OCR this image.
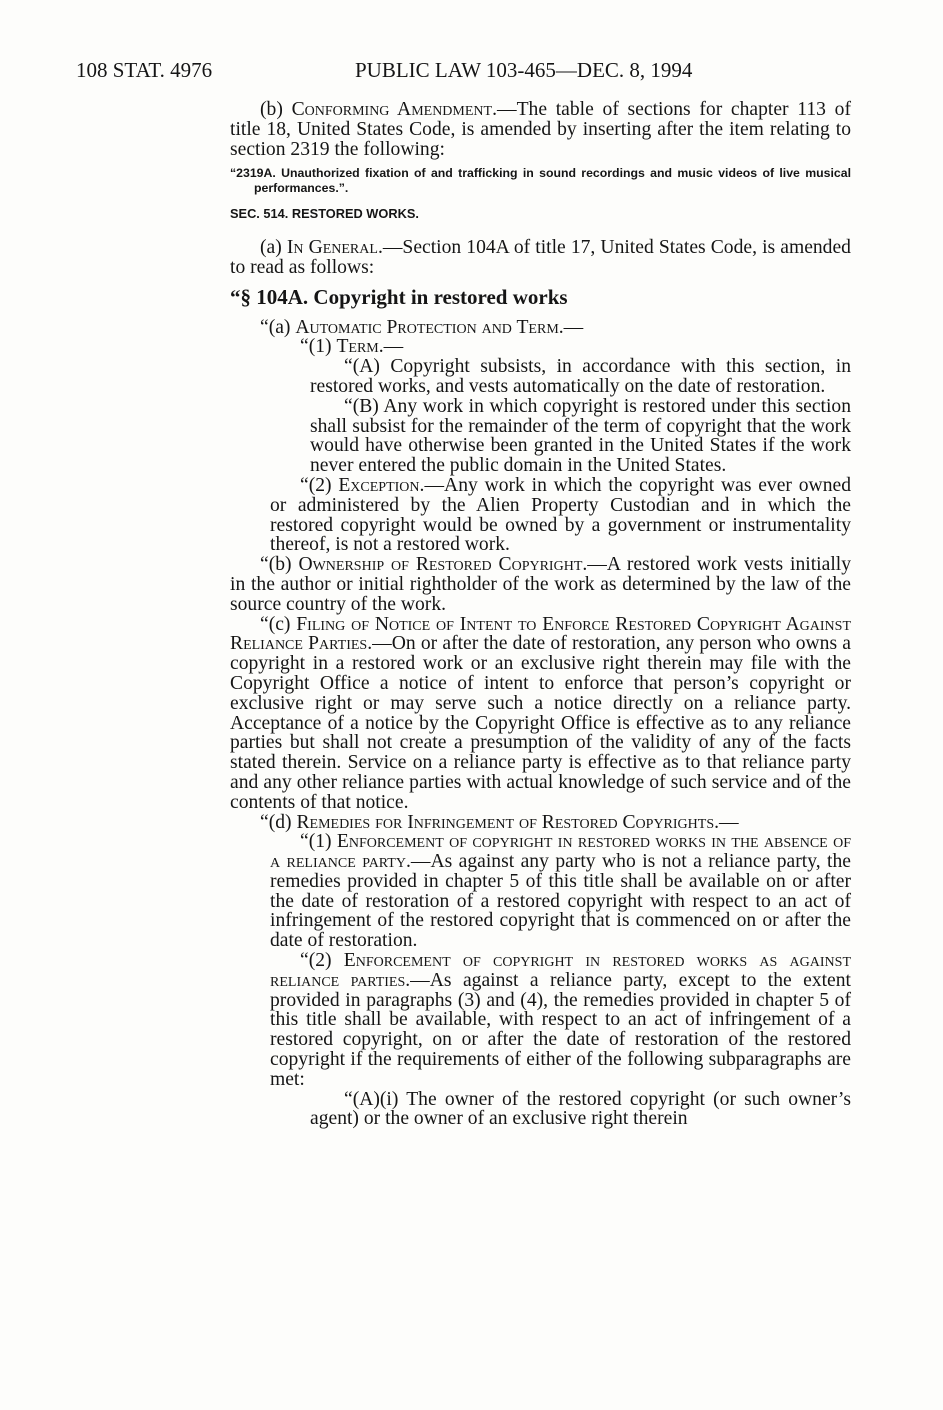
108 STAT. 4976	PUBLIC LAW 103-465—DEC. 8, 1994

(b) Conforming Amendment.—The table of sections for chapter 113 of title 18, United States Code, is amended by inserting after the item relating to section 2319 the following:

“2319A. Unauthorized fixation of and trafficking in sound recordings and music videos of live musical performances.”.

SEC. 514. RESTORED WORKS.

(a) In General.—Section 104A of title 17, United States Code, is amended to read as follows:

“§ 104A. Copyright in restored works

“(a) Automatic Protection and Term.—

“(1) Term.—

“(A) Copyright subsists, in accordance with this section, in restored works, and vests automatically on the date of restoration.

“(B) Any work in which copyright is restored under this section shall subsist for the remainder of the term of copyright that the work would have otherwise been granted in the United States if the work never entered the public domain in the United States.

“(2) Exception.—Any work in which the copyright was ever owned or administered by the Alien Property Custodian and in which the restored copyright would be owned by a government or instrumentality thereof, is not a restored work.

“(b) Ownership of Restored Copyright.—A restored work vests initially in the author or initial rightholder of the work as determined by the law of the source country of the work.

“(c) Filing of Notice of Intent to Enforce Restored Copyright Against Reliance Parties.—On or after the date of restoration, any person who owns a copyright in a restored work or an exclusive right therein may file with the Copyright Office a notice of intent to enforce that person’s copyright or exclusive right or may serve such a notice directly on a reliance party. Acceptance of a notice by the Copyright Office is effective as to any reliance parties but shall not create a presumption of the validity of any of the facts stated therein. Service on a reliance party is effective as to that reliance party and any other reliance parties with actual knowledge of such service and of the contents of that notice.

“(d) Remedies for Infringement of Restored Copyrights.—

“(1) Enforcement of copyright in restored works in the absence of a reliance party.—As against any party who is not a reliance party, the remedies provided in chapter 5 of this title shall be available on or after the date of restoration of a restored copyright with respect to an act of infringement of the restored copyright that is commenced on or after the date of restoration.

“(2) Enforcement of copyright in restored works as against reliance parties.—As against a reliance party, except to the extent provided in paragraphs (3) and (4), the remedies provided in chapter 5 of this title shall be available, with respect to an act of infringement of a restored copyright, on or after the date of restoration of the restored copyright if the requirements of either of the following subparagraphs are met:

“(A)(i) The owner of the restored copyright (or such owner’s agent) or the owner of an exclusive right therein
